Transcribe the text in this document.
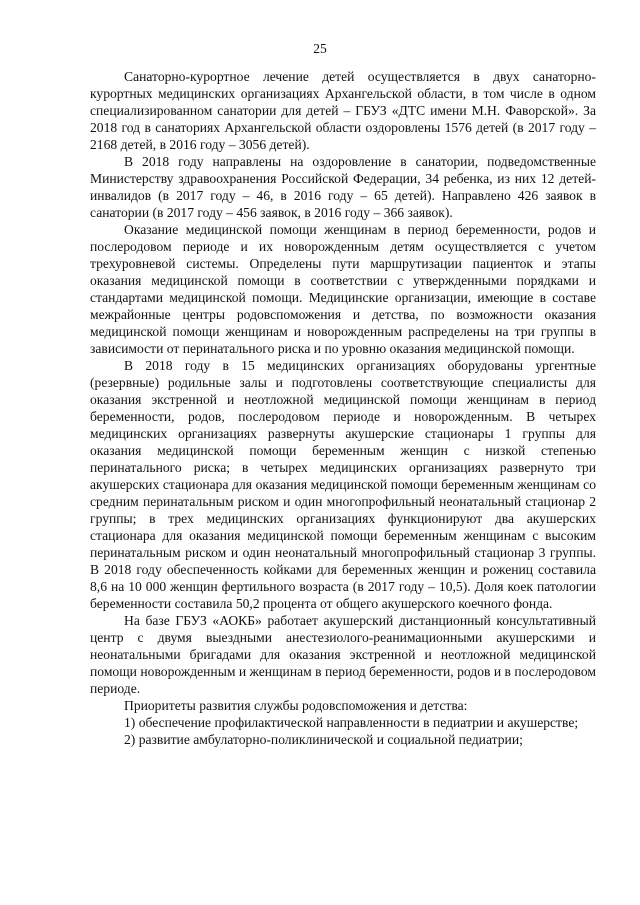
25

Санаторно-курортное лечение детей осуществляется в двух санаторно-курортных медицинских организациях Архангельской области, в том числе в одном специализированном санатории для детей – ГБУЗ «ДТС имени М.Н. Фаворской». За 2018 год в санаториях Архангельской области оздоровлены 1576 детей (в 2017 году – 2168 детей, в 2016 году – 3056 детей).

В 2018 году направлены на оздоровление в санатории, подведомственные Министерству здравоохранения Российской Федерации, 34 ребенка, из них 12 детей-инвалидов (в 2017 году – 46, в 2016 году – 65 детей). Направлено 426 заявок в санатории (в 2017 году – 456 заявок, в 2016 году – 366 заявок).

Оказание медицинской помощи женщинам в период беременности, родов и послеродовом периоде и их новорожденным детям осуществляется с учетом трехуровневой системы. Определены пути маршрутизации пациенток и этапы оказания медицинской помощи в соответствии с утвержденными порядками и стандартами медицинской помощи. Медицинские организации, имеющие в составе межрайонные центры родовспоможения и детства, по возможности оказания медицинской помощи женщинам и новорожденным распределены на три группы в зависимости от перинатального риска и по уровню оказания медицинской помощи.

В 2018 году в 15 медицинских организациях оборудованы ургентные (резервные) родильные залы и подготовлены соответствующие специалисты для оказания экстренной и неотложной медицинской помощи женщинам в период беременности, родов, послеродовом периоде и новорожденным. В четырех медицинских организациях развернуты акушерские стационары 1 группы для оказания медицинской помощи беременным женщин с низкой степенью перинатального риска; в четырех медицинских организациях развернуто три акушерских стационара для оказания медицинской помощи беременным женщинам со средним перинатальным риском и один многопрофильный неонатальный стационар 2 группы; в трех медицинских организациях функционируют два акушерских стационара для оказания медицинской помощи беременным женщинам с высоким перинатальным риском и один неонатальный многопрофильный стационар 3 группы. В 2018 году обеспеченность койками для беременных женщин и рожениц составила 8,6 на 10 000 женщин фертильного возраста (в 2017 году – 10,5). Доля коек патологии беременности составила 50,2 процента от общего акушерского коечного фонда.

На базе ГБУЗ «АОКБ» работает акушерский дистанционный консультативный центр с двумя выездными анестезиолого-реанимационными акушерскими и неонатальными бригадами для оказания экстренной и неотложной медицинской помощи новорожденным и женщинам в период беременности, родов и в послеродовом периоде.

Приоритеты развития службы родовспоможения и детства:

1) обеспечение профилактической направленности в педиатрии и акушерстве;

2) развитие амбулаторно-поликлинической и социальной педиатрии;
